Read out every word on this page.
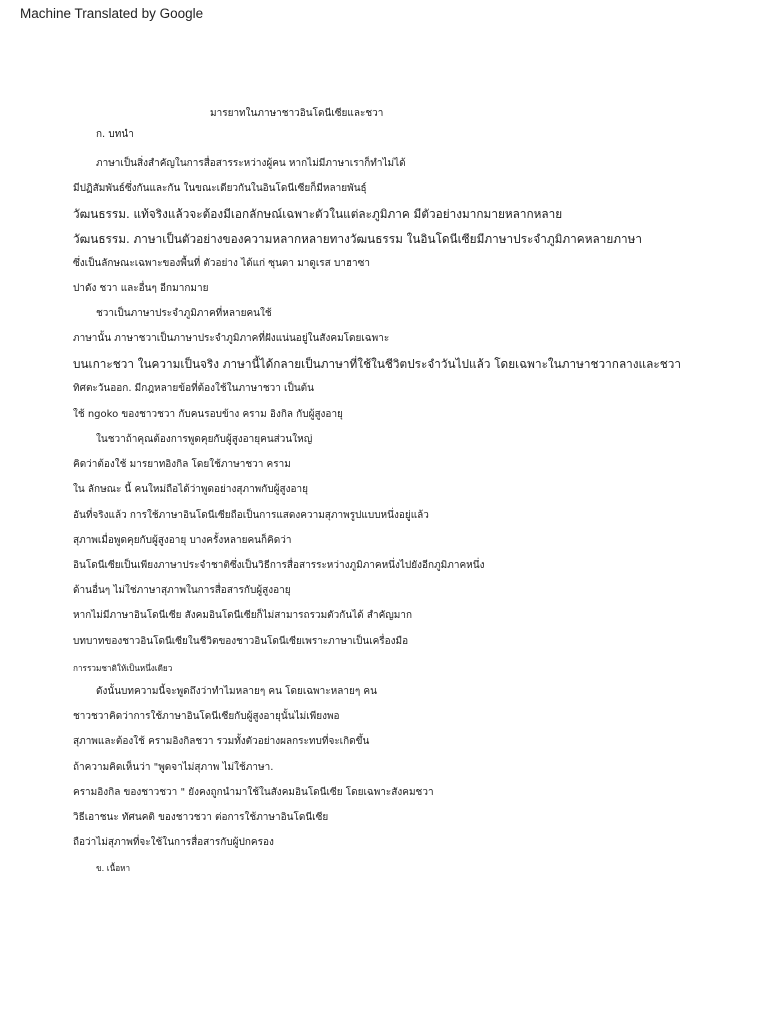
Machine Translated by Google
มารยาทในภาษาชาวอินโดนีเซียและชวา
ก. บทนำ
ภาษาเป็นสิ่งสำคัญในการสื่อสารระหว่างผู้คน หากไม่มีภาษาเราก็ทำไม่ได้
มีปฏิสัมพันธ์ซึ่งกันและกัน ในขณะเดียวกันในอินโดนีเซียก็มีหลายพันธุ์
วัฒนธรรม. แท้จริงแล้วจะต้องมีเอกลักษณ์เฉพาะตัวในแต่ละภูมิภาค มีตัวอย่างมากมายหลากหลาย
วัฒนธรรม. ภาษาเป็นตัวอย่างของความหลากหลายทางวัฒนธรรม ในอินโดนีเซียมีภาษาประจำภูมิภาคหลายภาษา
ซึ่งเป็นลักษณะเฉพาะของพื้นที่ ตัวอย่าง ได้แก่ ซุนดา มาดูเรส บาฮาซา
ปาดัง ชวา และอื่นๆ อีกมากมาย
ชวาเป็นภาษาประจำภูมิภาคที่หลายคนใช้
ภาษานั้น ภาษาชวาเป็นภาษาประจำภูมิภาคที่ฝังแน่นอยู่ในสังคมโดยเฉพาะ
บนเกาะชวา ในความเป็นจริง ภาษานี้ได้กลายเป็นภาษาที่ใช้ในชีวิตประจำวันไปแล้ว โดยเฉพาะในภาษาชวากลางและชวา
ทิศตะวันออก. มีกฎหลายข้อที่ต้องใช้ในภาษาชวา เป็นต้น
ใช้ ngoko ของชาวชวา กับคนรอบข้าง คราม อิงกิล กับผู้สูงอายุ
ในชวาถ้าคุณต้องการพูดคุยกับผู้สูงอายุคนส่วนใหญ่
คิดว่าต้องใช้ มารยาทอิงกิล โดยใช้ภาษาชวา คราม
ใน ลักษณะ นี้ คนใหม่ถือได้ว่าพูดอย่างสุภาพกับผู้สูงอายุ
อันที่จริงแล้ว การใช้ภาษาอินโดนีเซียถือเป็นการแสดงความสุภาพรูปแบบหนึ่งอยู่แล้ว
สุภาพเมื่อพูดคุยกับผู้สูงอายุ บางครั้งหลายคนก็คิดว่า
อินโดนีเซียเป็นเพียงภาษาประจำชาติซึ่งเป็นวิธีการสื่อสารระหว่างภูมิภาคหนึ่งไปยังอีกภูมิภาคหนึ่ง
ด้านอื่นๆ ไม่ใช่ภาษาสุภาพในการสื่อสารกับผู้สูงอายุ
หากไม่มีภาษาอินโดนีเซีย สังคมอินโดนีเซียก็ไม่สามารถรวมตัวกันได้ สำคัญมาก
บทบาทของชาวอินโดนีเซียในชีวิตของชาวอินโดนีเซียเพราะภาษาเป็นเครื่องมือ
การรวมชาติให้เป็นหนึ่งเดียว
ดังนั้นบทความนี้จะพูดถึงว่าทำไมหลายๆ คน โดยเฉพาะหลายๆ คน
ชาวชวาคิดว่าการใช้ภาษาอินโดนีเซียกับผู้สูงอายุนั้นไม่เพียงพอ
สุภาพและต้องใช้ ครามอิงกิลชวา รวมทั้งตัวอย่างผลกระทบที่จะเกิดขึ้น
ถ้าความคิดเห็นว่า "พูดจาไม่สุภาพ ไม่ใช้ภาษา.
ครามอิงกิล ของชาวชวา " ยังคงถูกนำมาใช้ในสังคมอินโดนีเซีย โดยเฉพาะสังคมชวา
วิธีเอาชนะ ทัศนคติ ของชาวชวา ต่อการใช้ภาษาอินโดนีเซีย
ถือว่าไม่สุภาพที่จะใช้ในการสื่อสารกับผู้ปกครอง
ข. เนื้อหา
